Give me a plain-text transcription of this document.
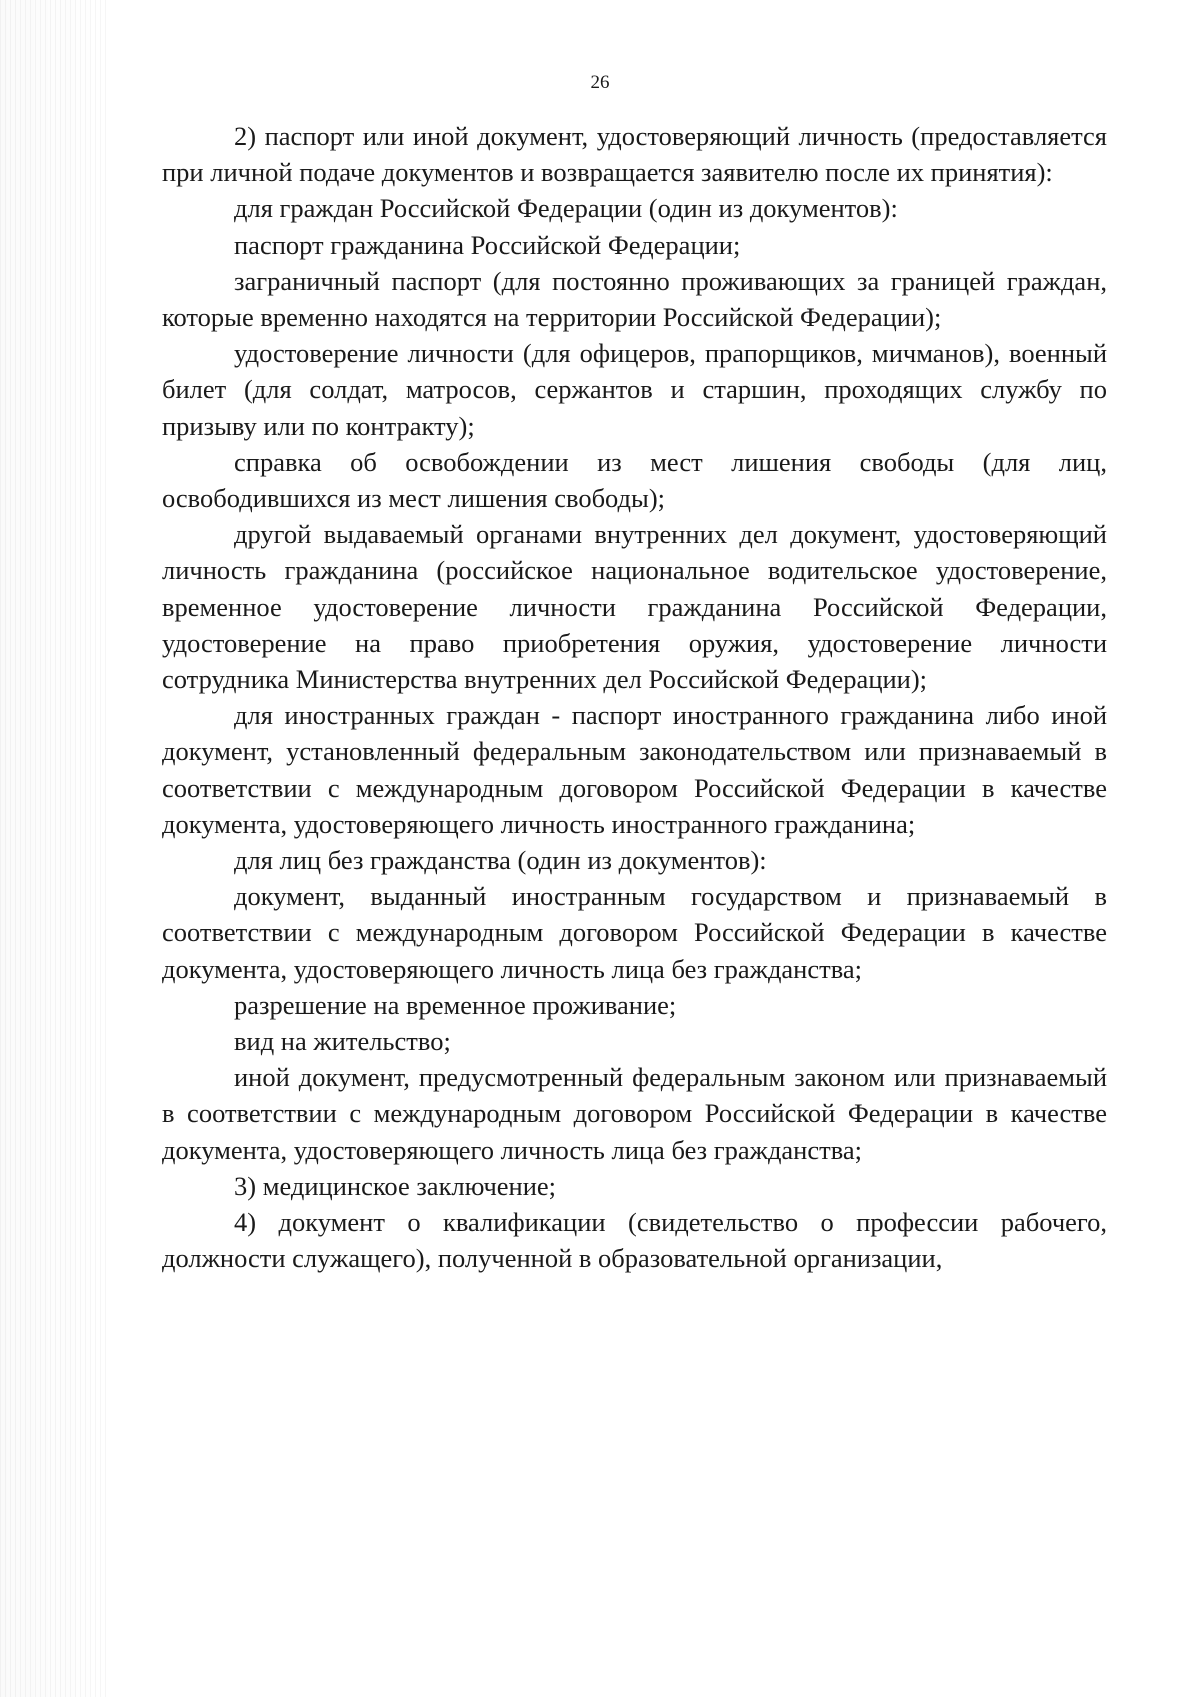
26

2) паспорт или иной документ, удостоверяющий личность (предоставляется при личной подаче документов и возвращается заявителю после их принятия):

для граждан Российской Федерации (один из документов):

паспорт гражданина Российской Федерации;

заграничный паспорт (для постоянно проживающих за границей граждан, которые временно находятся на территории Российской Федерации);

удостоверение личности (для офицеров, прапорщиков, мичманов), военный билет (для солдат, матросов, сержантов и старшин, проходящих службу по призыву или по контракту);

справка об освобождении из мест лишения свободы (для лиц, освободившихся из мест лишения свободы);

другой выдаваемый органами внутренних дел документ, удостоверяющий личность гражданина (российское национальное водительское удостоверение, временное удостоверение личности гражданина Российской Федерации, удостоверение на право приобретения оружия, удостоверение личности сотрудника Министерства внутренних дел Российской Федерации);

для иностранных граждан - паспорт иностранного гражданина либо иной документ, установленный федеральным законодательством или признаваемый в соответствии с международным договором Российской Федерации в качестве документа, удостоверяющего личность иностранного гражданина;

для лиц без гражданства (один из документов):

документ, выданный иностранным государством и признаваемый в соответствии с международным договором Российской Федерации в качестве документа, удостоверяющего личность лица без гражданства;

разрешение на временное проживание;

вид на жительство;

иной документ, предусмотренный федеральным законом или признаваемый в соответствии с международным договором Российской Федерации в качестве документа, удостоверяющего личность лица без гражданства;

3) медицинское заключение;

4) документ о квалификации (свидетельство о профессии рабочего, должности служащего), полученной в образовательной организации,
